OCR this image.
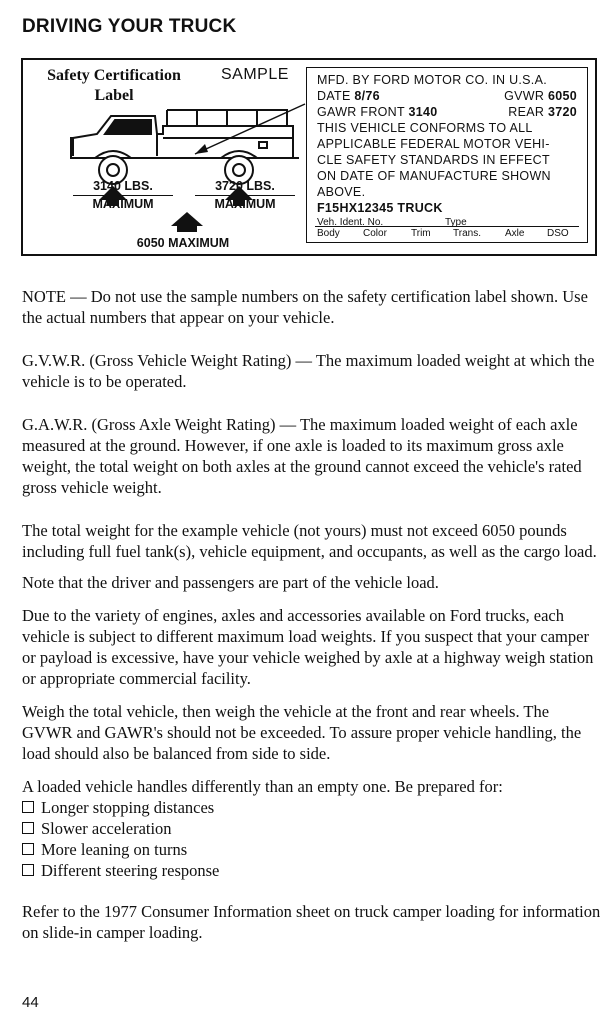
DRIVING YOUR TRUCK
Safety Certification Label
SAMPLE
3140 LBS.
MAXIMUM
3720 LBS.
MAXIMUM
6050 MAXIMUM
MFD. BY FORD MOTOR CO. IN U.S.A.
DATE 8/76	GVWR 6050
GAWR FRONT 3140	REAR 3720
THIS VEHICLE CONFORMS TO ALL
APPLICABLE FEDERAL MOTOR VEHI-
CLE SAFETY STANDARDS IN EFFECT
ON DATE OF MANUFACTURE SHOWN
ABOVE.
F15HX12345 TRUCK
Veh. Ident. No.	Type
Body Color Trim Trans. Axle DSO

NOTE — Do not use the sample numbers on the safety certification label shown. Use the actual numbers that appear on your vehicle.

G.V.W.R. (Gross Vehicle Weight Rating) — The maximum loaded weight at which the vehicle is to be operated.

G.A.W.R. (Gross Axle Weight Rating) — The maximum loaded weight of each axle measured at the ground. However, if one axle is loaded to its maximum gross axle weight, the total weight on both axles at the ground cannot exceed the vehicle's rated gross vehicle weight.

The total weight for the example vehicle (not yours) must not exceed 6050 pounds including full fuel tank(s), vehicle equipment, and occupants, as well as the cargo load.

Note that the driver and passengers are part of the vehicle load.

Due to the variety of engines, axles and accessories available on Ford trucks, each vehicle is subject to different maximum load weights. If you suspect that your camper or payload is excessive, have your vehicle weighed by axle at a highway weigh station or appropriate commercial facility.

Weigh the total vehicle, then weigh the vehicle at the front and rear wheels. The GVWR and GAWR's should not be exceeded. To assure proper vehicle handling, the load should also be balanced from side to side.

A loaded vehicle handles differently than an empty one. Be prepared for:

Longer stopping distances
Slower acceleration
More leaning on turns
Different steering response

Refer to the 1977 Consumer Information sheet on truck camper loading for information on slide-in camper loading.

44
